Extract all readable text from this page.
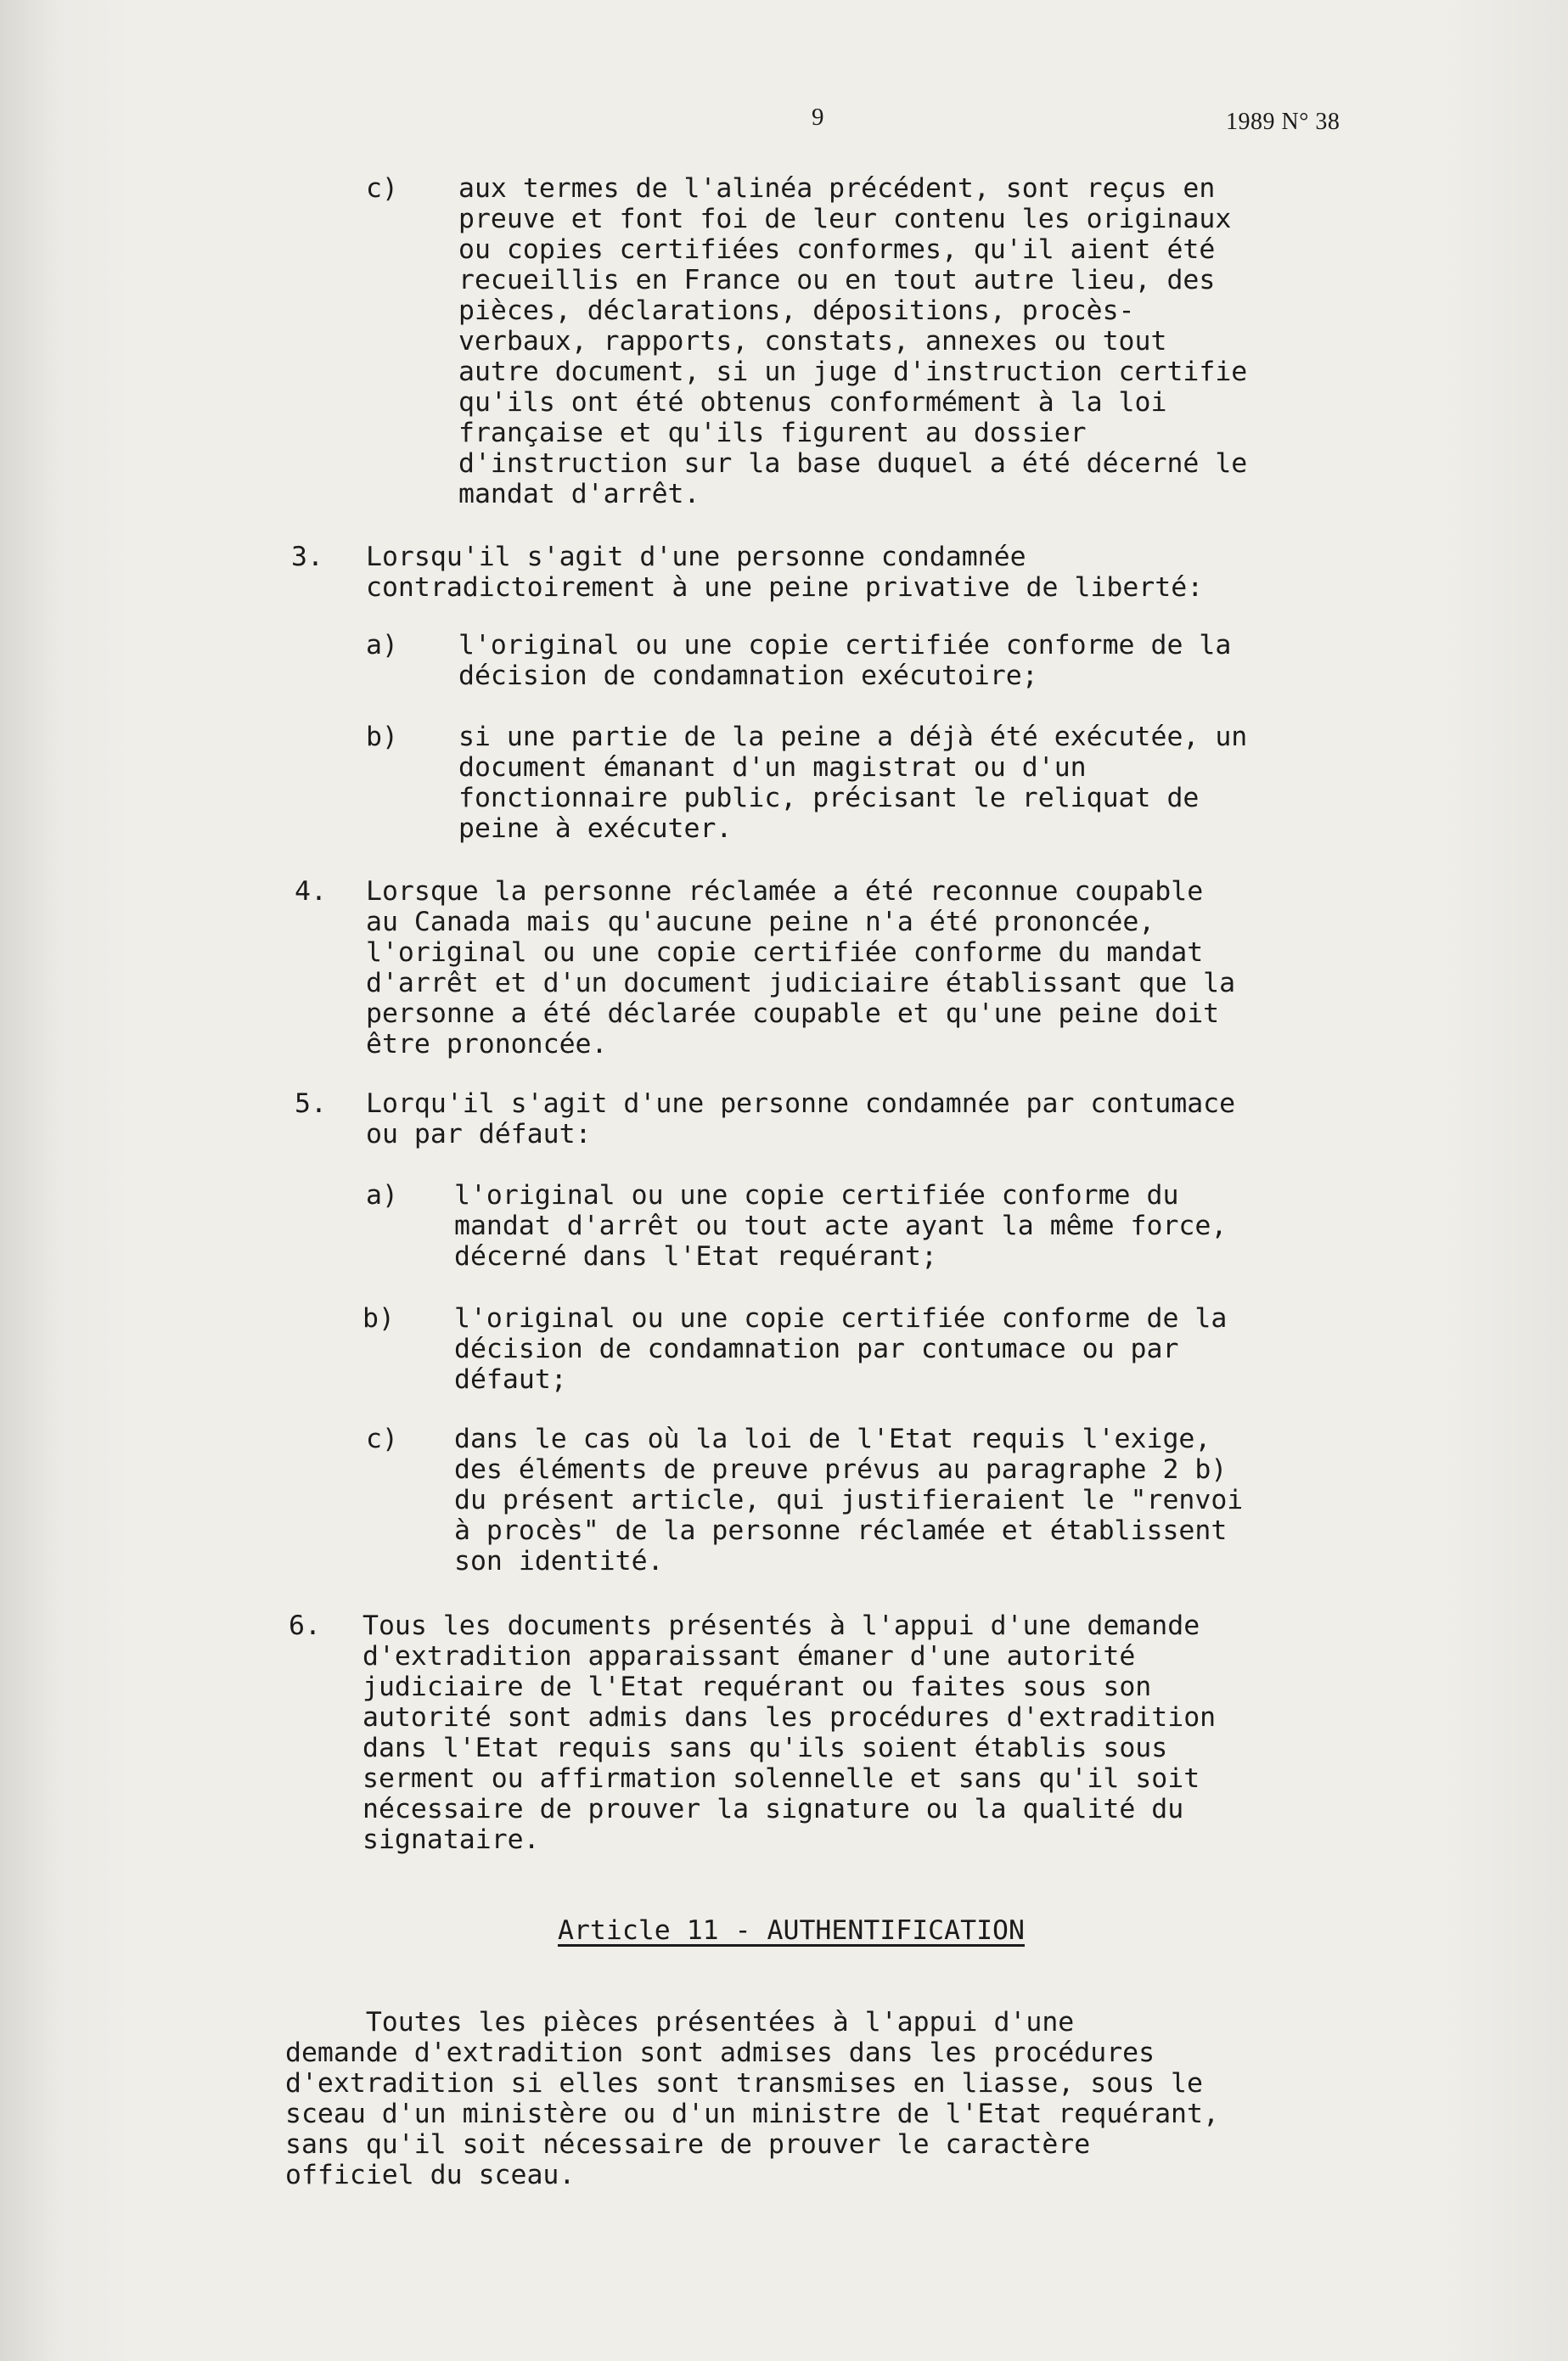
9	1989 N° 38
c) aux termes de l'alinéa précédent, sont reçus en
preuve et font foi de leur contenu les originaux
ou copies certifiées conformes, qu'il aient été
recueillis en France ou en tout autre lieu, des
pièces, déclarations, dépositions, procès-
verbaux, rapports, constats, annexes ou tout
autre document, si un juge d'instruction certifie
qu'ils ont été obtenus conformément à la loi
française et qu'ils figurent au dossier
d'instruction sur la base duquel a été décerné le
mandat d'arrêt.
3. Lorsqu'il s'agit d'une personne condamnée
contradictoirement à une peine privative de liberté:
a) l'original ou une copie certifiée conforme de la
décision de condamnation exécutoire;
b) si une partie de la peine a déjà été exécutée, un
document émanant d'un magistrat ou d'un
fonctionnaire public, précisant le reliquat de
peine à exécuter.
4. Lorsque la personne réclamée a été reconnue coupable
au Canada mais qu'aucune peine n'a été prononcée,
l'original ou une copie certifiée conforme du mandat
d'arrêt et d'un document judiciaire établissant que la
personne a été déclarée coupable et qu'une peine doit
être prononcée.
5. Lorqu'il s'agit d'une personne condamnée par contumace
ou par défaut:
a) l'original ou une copie certifiée conforme du
mandat d'arrêt ou tout acte ayant la même force,
décerné dans l'Etat requérant;
b) l'original ou une copie certifiée conforme de la
décision de condamnation par contumace ou par
défaut;
c) dans le cas où la loi de l'Etat requis l'exige,
des éléments de preuve prévus au paragraphe 2 b)
du présent article, qui justifieraient le "renvoi
à procès" de la personne réclamée et établissent
son identité.
6. Tous les documents présentés à l'appui d'une demande
d'extradition apparaissant émaner d'une autorité
judiciaire de l'Etat requérant ou faites sous son
autorité sont admis dans les procédures d'extradition
dans l'Etat requis sans qu'ils soient établis sous
serment ou affirmation solennelle et sans qu'il soit
nécessaire de prouver la signature ou la qualité du
signataire.
Article 11 - AUTHENTIFICATION
Toutes les pièces présentées à l'appui d'une
demande d'extradition sont admises dans les procédures
d'extradition si elles sont transmises en liasse, sous le
sceau d'un ministère ou d'un ministre de l'Etat requérant,
sans qu'il soit nécessaire de prouver le caractère
officiel du sceau.
